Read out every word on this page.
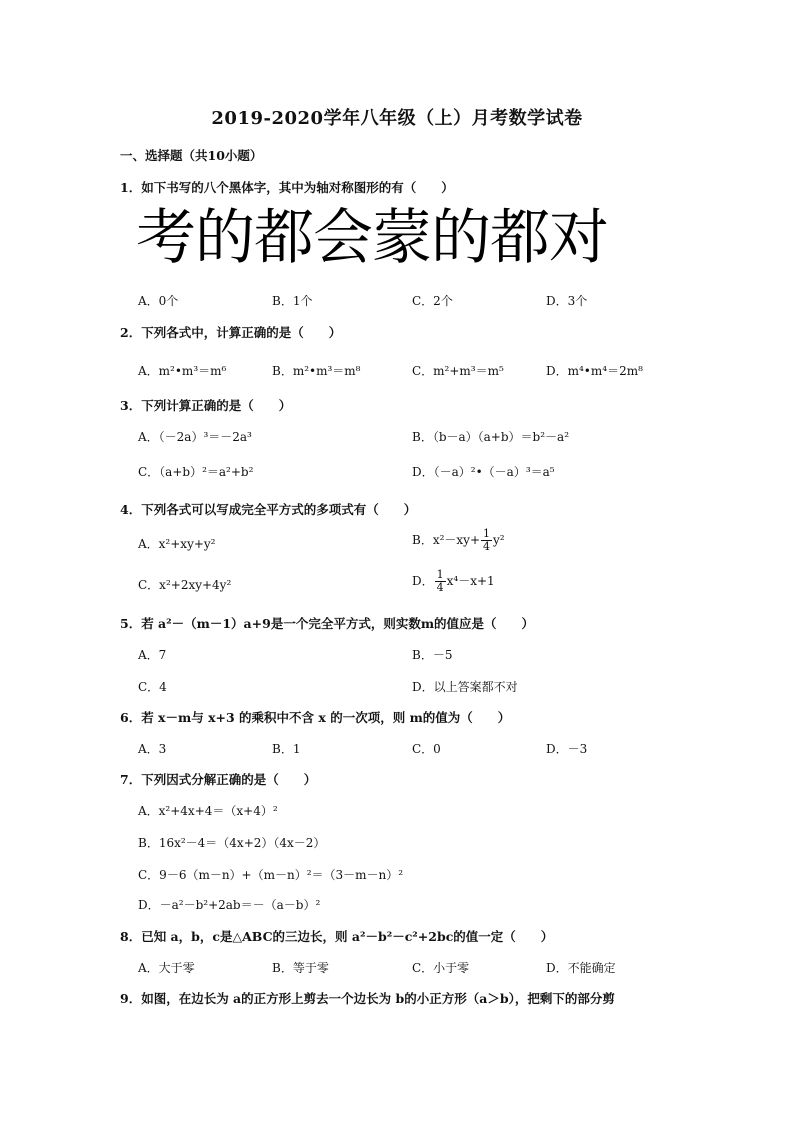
2019-2020学年八年级（上）月考数学试卷
一、选择题（共10小题）
1．如下书写的八个黑体字，其中为轴对称图形的有（　　）
考的都会蒙的都对
A．0个	B．1个	C．2个	D．3个
2．下列各式中，计算正确的是（　　）
A．m²•m³＝m⁶	B．m²•m³＝m⁸	C．m²+m³＝m⁵	D．m⁴•m⁴＝2m⁸
3．下列计算正确的是（　　）
A．（－2a）³＝－2a³	B．（b－a）（a+b）＝b²－a²
C．（a+b）²＝a²+b²	D．（－a）²•（－a）³＝a⁵
4．下列各式可以写成完全平方式的多项式有（　　）
A．x²+xy+y²	B．$x^2-xy+ \frac{1}{4} y^2$
C．x²+2xy+4y²	D． $\frac{1}{4} x^4-x+1$
5．若 a²－（m－1）a+9是一个完全平方式，则实数m的值应是（　　）
A．7	B．－5
C．4	D．以上答案都不对
6．若 x－m与 x+3 的乘积中不含 x 的一次项，则 m的值为（　　）
A．3	B．1	C．0	D．－3
7．下列因式分解正确的是（　　）
A．x²+4x+4＝（x+4）²
B．16x²－4＝（4x+2）（4x－2）
C．9－6（m－n）+（m－n）²＝（3－m－n）²
D．－a²－b²+2ab＝－（a－b）²
8．已知 a，b，c是△ABC的三边长，则 a²－b²－c²+2bc的值一定（　　）
A．大于零	B．等于零	C．小于零	D．不能确定
9．如图，在边长为 a的正方形上剪去一个边长为 b的小正方形（a＞b），把剩下的部分剪
